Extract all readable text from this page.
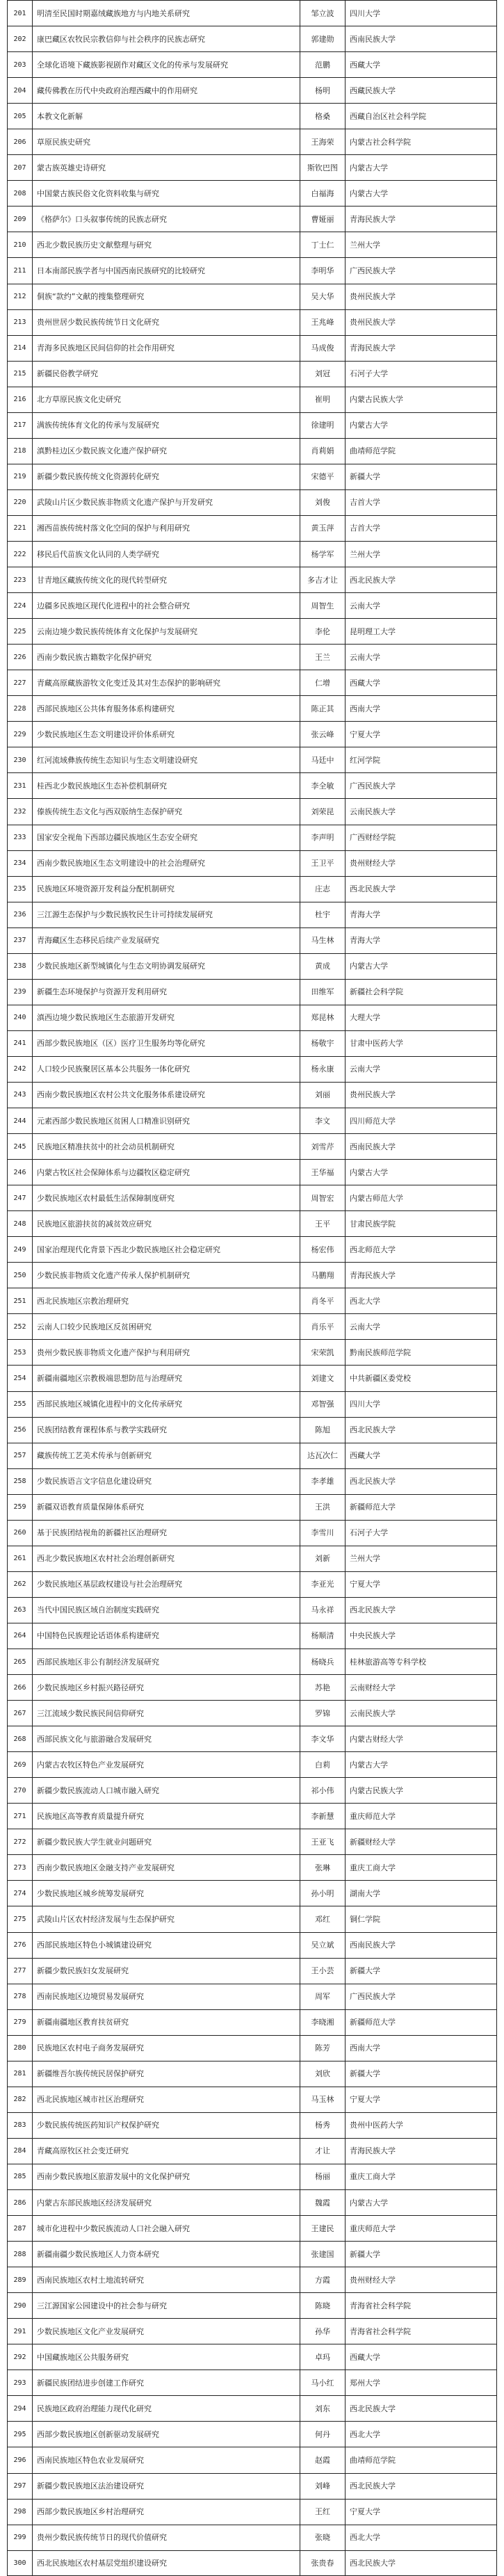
201 明清至民国时期嘉绒藏族地方与内地关系研究	邹立波 四川大学
202 康巴藏区农牧民宗教信仰与社会秩序的民族志研究	郭建勋 西南民族大学
203 全球化语境下藏族影视剧作对藏区文化的传承与发展研究	范鹏	西藏大学
204 藏传佛教在历代中央政府治理西藏中的作用研究	杨明	西藏民族大学
205 本教文化新解	格桑	西藏自治区社会科学院
206 草原民族史研究	王海荣 内蒙古社会科学院
207 蒙古族英雄史诗研究	斯钦巴图 内蒙古大学
208 中国蒙古族民俗文化资料收集与研究	白福海 内蒙古大学
209 《格萨尔》口头叙事传统的民族志研究	曹娅丽 青海民族大学
210 西北少数民族历史文献整理与研究	丁士仁 兰州大学
211 日本南部民族学者与中国西南民族研究的比较研究	李明华 广西民族大学
212 侗族“款约”文献的搜集整理研究	吴大华 贵州民族大学
213 贵州世居少数民族传统节日文化研究	王兆峰 贵州民族大学
214 青海多民族地区民间信仰的社会作用研究	马成俊 青海民族大学
215 新疆民俗教学研究	刘冠	石河子大学
216 北方草原民族文化史研究	崔明	内蒙古民族大学
217 满族传统体育文化的传承与发展研究	徐建明 内蒙古大学
218 滇黔桂边区少数民族文化遗产保护研究	肖莉娟 曲靖师范学院
219 新疆少数民族传统文化资源转化研究	宋德平 新疆大学
220 武陵山片区少数民族非物质文化遗产保护与开发研究	刘俊	吉首大学
221 湘西苗族传统村落文化空间的保护与利用研究	黄玉萍 吉首大学
222 移民后代苗族文化认同的人类学研究	杨学军 兰州大学
223 甘青地区藏族传统文化的现代转型研究	多吉才让 西北民族大学
224 边疆多民族地区现代化进程中的社会整合研究	周智生 云南大学
225 云南边境少数民族传统体育文化保护与发展研究	李伦	昆明理工大学
226 西南少数民族古籍数字化保护研究	王兰	云南大学
227 青藏高原藏族游牧文化变迁及其对生态保护的影响研究	仁增	西藏大学
228 西部民族地区公共体育服务体系构建研究	陈正其 西南大学
229 少数民族地区生态文明建设评价体系研究	张云峰 宁夏大学
230 红河流域彝族传统生态知识与生态文明建设研究	马廷中 红河学院
231 桂西北少数民族地区生态补偿机制研究	李全敏 广西民族大学
232 傣族传统生态文化与西双版纳生态保护研究	刘荣昆 云南民族大学
233 国家安全视角下西部边疆民族地区生态安全研究	李声明 广西财经学院
234 西南少数民族地区生态文明建设中的社会治理研究	王卫平 贵州财经大学
235 民族地区环境资源开发利益分配机制研究	庄志	西北民族大学
236 三江源生态保护与少数民族牧民生计可持续发展研究	杜宇	青海大学
237 青海藏区生态移民后续产业发展研究	马生林 青海大学
238 少数民族地区新型城镇化与生态文明协调发展研究	黄成	内蒙古大学
239 新疆生态环境保护与资源开发利用研究	田维军 新疆社会科学院
240 滇西边境少数民族地区生态旅游开发研究	郑昆林 大理大学
241 西部少数民族地区（区）医疗卫生服务均等化研究	杨敬宇 甘肃中医药大学
242 人口较少民族聚居区基本公共服务一体化研究	杨永康 云南大学
243 西南少数民族地区农村公共文化服务体系建设研究	刘丽	贵州民族大学
244 元素西部少数民族地区贫困人口精准识别研究	李文	四川师范大学
245 民族地区精准扶贫中的社会动员机制研究	刘雪芹 西南民族大学
246 内蒙古牧区社会保障体系与边疆牧区稳定研究	王华福 内蒙古大学
247 少数民族地区农村最低生活保障制度研究	周智宏 内蒙古师范大学
248 民族地区旅游扶贫的减贫效应研究	王平	甘肃民族学院
249 国家治理现代化背景下西北少数民族地区社会稳定研究	杨宏伟 西北师范大学
250 少数民族非物质文化遗产传承人保护机制研究	马鹏翔 青海民族大学
251 西北民族地区宗教治理研究	肖冬平 西北大学
252 云南人口较少民族地区反贫困研究	肖乐平 云南大学
253 贵州少数民族非物质文化遗产保护与利用研究	宋荣凯 黔南民族师范学院
254 新疆南疆地区宗教极端思想防范与治理研究	刘建文 中共新疆区委党校
255 西部民族地区城镇化进程中的文化传承研究	邓智强 四川大学
256 民族团结教育课程体系与教学实践研究	陈旭	西北民族大学
257 藏族传统工艺美术传承与创新研究	达瓦次仁 西藏大学
258 少数民族语言文字信息化建设研究	李孝雄 西北民族大学
259 新疆双语教育质量保障体系研究	王洪	新疆师范大学
260 基于民族团结视角的新疆社区治理研究	李雪川 石河子大学
261 西北少数民族地区农村社会治理创新研究	刘新	兰州大学
262 少数民族地区基层政权建设与社会治理研究	李亚光 宁夏大学
263 当代中国民族区域自治制度实践研究	马永祥 西北民族大学
264 中国特色民族理论话语体系构建研究	杨顺清 中央民族大学
265 西部民族地区非公有制经济发展研究	杨晓兵 桂林旅游高等专科学校
266 少数民族地区乡村振兴路径研究	苏艳	云南财经大学
267 三江流域少数民族民间信仰研究	罗锦	云南民族大学
268 西部民族文化与旅游融合发展研究	李文华 内蒙古财经大学
269 内蒙古农牧区特色产业发展研究	白莉	内蒙古大学
270 新疆少数民族流动人口城市融入研究	祁小伟 内蒙古民族大学
271 民族地区高等教育质量提升研究	李新慧 重庆师范大学
272 新疆少数民族大学生就业问题研究	王亚飞 新疆财经大学
273 西南少数民族地区金融支持产业发展研究	张琳	重庆工商大学
274 少数民族地区城乡统筹发展研究	孙小明 湖南大学
275 武陵山片区农村经济发展与生态保护研究	邓红	铜仁学院
276 西部民族地区特色小城镇建设研究	吴立斌 西南民族大学
277 新疆少数民族妇女发展研究	王小芸 新疆大学
278 西南民族地区边境贸易发展研究	周军	广西民族大学
279 新疆南疆地区教育扶贫研究	李晓湘 新疆师范大学
280 民族地区农村电子商务发展研究	陈芳	西南大学
281 新疆维吾尔族传统民居保护研究	刘欣	新疆大学
282 西北民族地区城市社区治理研究	马玉林 宁夏大学
283 少数民族传统医药知识产权保护研究	杨秀	贵州中医药大学
284 青藏高原牧区社会变迁研究	才让	青海民族大学
285 西南少数民族地区旅游发展中的文化保护研究	杨丽	重庆工商大学
286 内蒙古东部民族地区经济发展研究	魏霞	内蒙古大学
287 城市化进程中少数民族流动人口社会融入研究	王建民 重庆师范大学
288 新疆南疆少数民族地区人力资本研究	张建国 新疆大学
289 西南民族地区农村土地流转研究	方霞	贵州财经大学
290 三江源国家公园建设中的社会参与研究	陈晓	青海省社会科学院
291 少数民族地区文化产业发展研究	孙华	青海省社会科学院
292 中国藏族地区公共服务研究	卓玛	西藏大学
293 新疆民族团结进步创建工作研究	马小红 郑州大学
294 民族地区政府治理能力现代化研究	刘东	西北民族大学
295 西部少数民族地区创新驱动发展研究	何丹	西北大学
296 西南民族地区特色农业发展研究	赵霞	曲靖师范学院
297 新疆少数民族地区法治建设研究	刘峰	西北民族大学
298 西部少数民族地区乡村治理研究	王红	宁夏大学
299 贵州少数民族传统节日的现代价值研究	张晓	西北大学
300 西北民族地区农村基层党组织建设研究	张贵春 西北民族大学
